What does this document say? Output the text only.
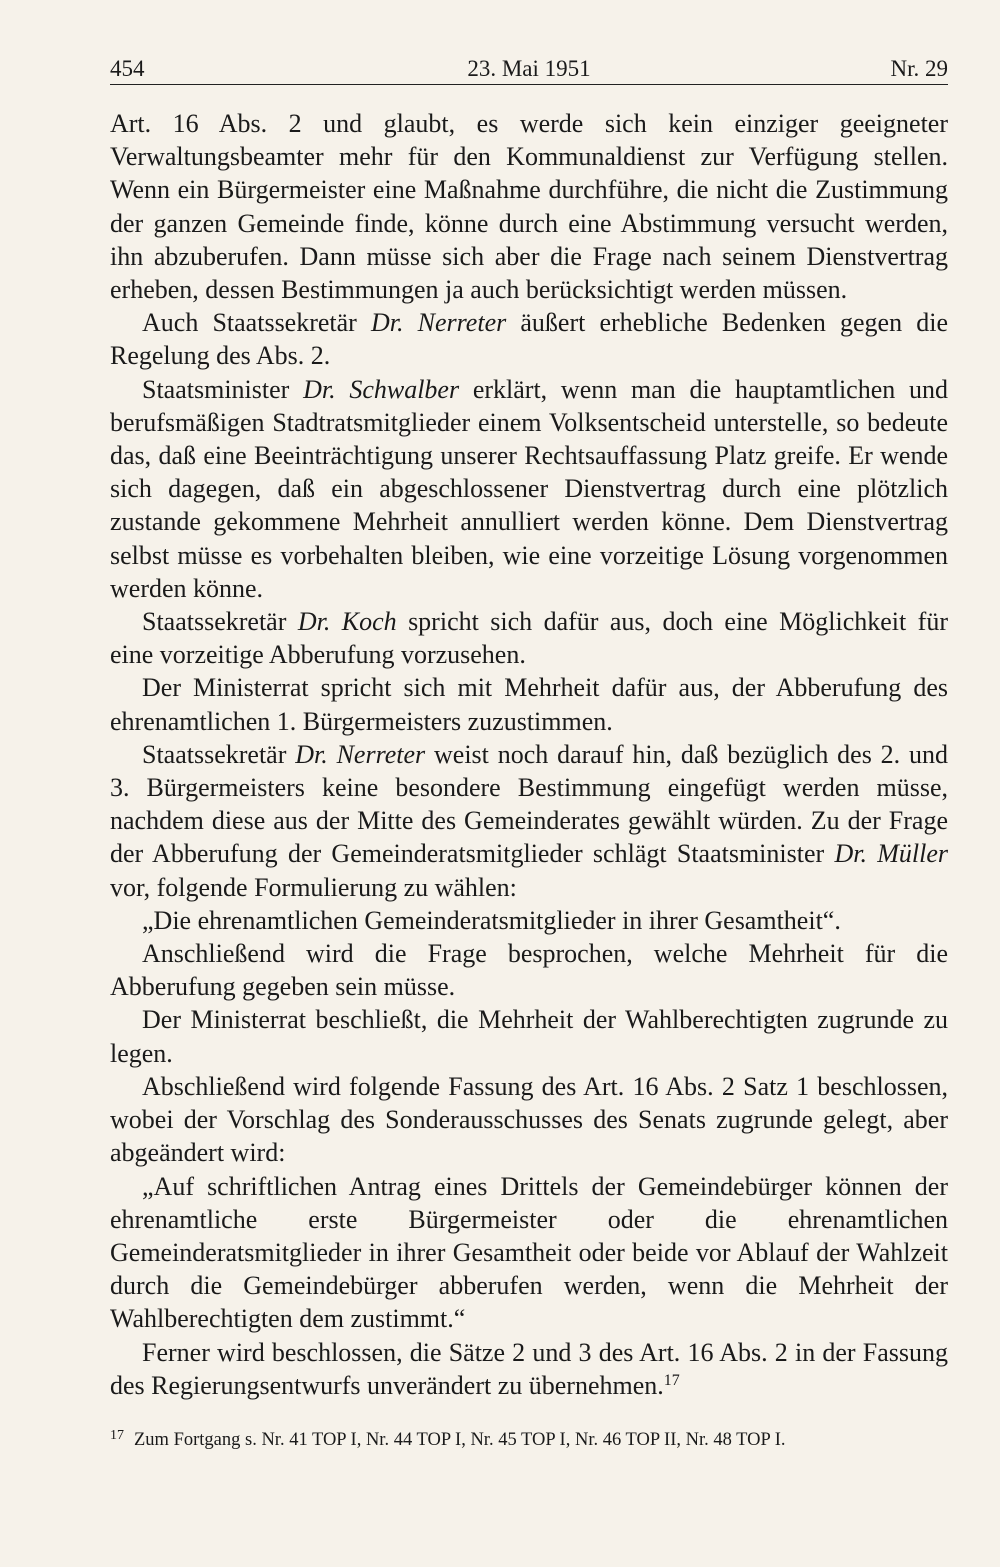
454	23. Mai 1951	Nr. 29

Art. 16 Abs. 2 und glaubt, es werde sich kein einziger geeigneter Verwaltungsbeamter mehr für den Kommunaldienst zur Verfügung stellen. Wenn ein Bürgermeister eine Maßnahme durchführe, die nicht die Zustimmung der ganzen Gemeinde finde, könne durch eine Abstimmung versucht werden, ihn abzuberufen. Dann müsse sich aber die Frage nach seinem Dienstvertrag erheben, dessen Bestimmungen ja auch berücksichtigt werden müssen.

Auch Staatssekretär Dr. Nerreter äußert erhebliche Bedenken gegen die Regelung des Abs. 2.

Staatsminister Dr. Schwalber erklärt, wenn man die hauptamtlichen und berufsmäßigen Stadtratsmitglieder einem Volksentscheid unterstelle, so bedeute das, daß eine Beeinträchtigung unserer Rechtsauffassung Platz greife. Er wende sich dagegen, daß ein abgeschlossener Dienstvertrag durch eine plötzlich zustande gekommene Mehrheit annulliert werden könne. Dem Dienstvertrag selbst müsse es vorbehalten bleiben, wie eine vorzeitige Lösung vorgenommen werden könne.

Staatssekretär Dr. Koch spricht sich dafür aus, doch eine Möglichkeit für eine vorzeitige Abberufung vorzusehen.

Der Ministerrat spricht sich mit Mehrheit dafür aus, der Abberufung des ehrenamtlichen 1. Bürgermeisters zuzustimmen.

Staatssekretär Dr. Nerreter weist noch darauf hin, daß bezüglich des 2. und 3. Bürgermeisters keine besondere Bestimmung eingefügt werden müsse, nachdem diese aus der Mitte des Gemeinderates gewählt würden. Zu der Frage der Abberufung der Gemeinderatsmitglieder schlägt Staatsminister Dr. Müller vor, folgende Formulierung zu wählen:

„Die ehrenamtlichen Gemeinderatsmitglieder in ihrer Gesamtheit“.

Anschließend wird die Frage besprochen, welche Mehrheit für die Abberufung gegeben sein müsse.

Der Ministerrat beschließt, die Mehrheit der Wahlberechtigten zugrunde zu legen.

Abschließend wird folgende Fassung des Art. 16 Abs. 2 Satz 1 beschlossen, wobei der Vorschlag des Sonderausschusses des Senats zugrunde gelegt, aber abgeändert wird:

„Auf schriftlichen Antrag eines Drittels der Gemeindebürger können der ehrenamtliche erste Bürgermeister oder die ehrenamtlichen Gemeinderatsmitglieder in ihrer Gesamtheit oder beide vor Ablauf der Wahlzeit durch die Gemeindebürger abberufen werden, wenn die Mehrheit der Wahlberechtigten dem zustimmt.“

Ferner wird beschlossen, die Sätze 2 und 3 des Art. 16 Abs. 2 in der Fassung des Regierungsentwurfs unverändert zu übernehmen.$^{17}$

$^{17}$ Zum Fortgang s. Nr. 41 TOP I, Nr. 44 TOP I, Nr. 45 TOP I, Nr. 46 TOP II, Nr. 48 TOP I.
